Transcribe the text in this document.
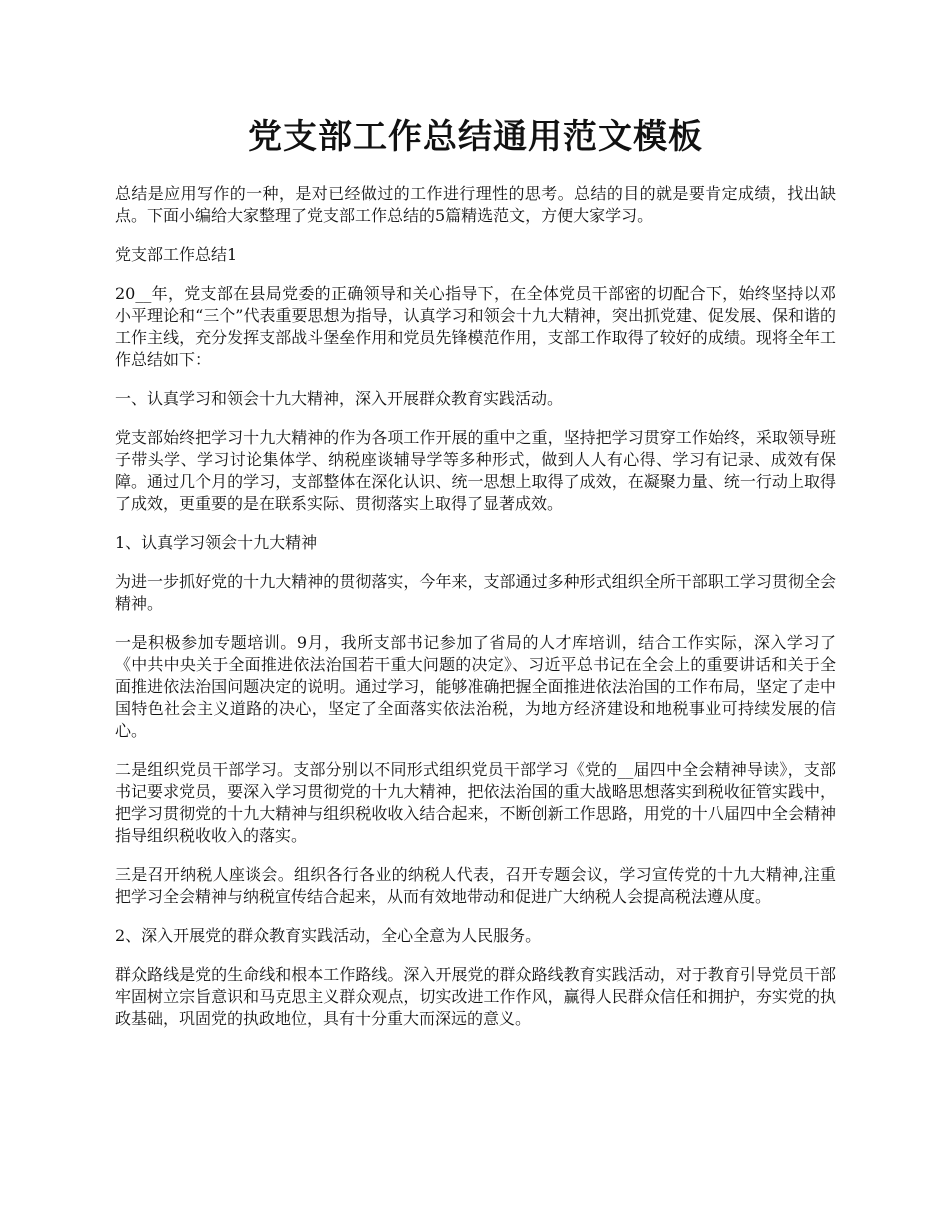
党支部工作总结通用范文模板

总结是应用写作的一种，是对已经做过的工作进行理性的思考。总结的目的就是要肯定成绩，找出缺点。下面小编给大家整理了党支部工作总结的5篇精选范文，方便大家学习。

党支部工作总结1

20__年，党支部在县局党委的正确领导和关心指导下，在全体党员干部密的切配合下，始终坚持以邓小平理论和“三个”代表重要思想为指导，认真学习和领会十九大精神，突出抓党建、促发展、保和谐的工作主线，充分发挥支部战斗堡垒作用和党员先锋模范作用，支部工作取得了较好的成绩。现将全年工作总结如下：

一、认真学习和领会十九大精神，深入开展群众教育实践活动。

党支部始终把学习十九大精神的作为各项工作开展的重中之重，坚持把学习贯穿工作始终，采取领导班子带头学、学习讨论集体学、纳税座谈辅导学等多种形式，做到人人有心得、学习有记录、成效有保障。通过几个月的学习，支部整体在深化认识、统一思想上取得了成效，在凝聚力量、统一行动上取得了成效，更重要的是在联系实际、贯彻落实上取得了显著成效。

1、认真学习领会十九大精神

为进一步抓好党的十九大精神的贯彻落实，今年来，支部通过多种形式组织全所干部职工学习贯彻全会精神。

一是积极参加专题培训。9月，我所支部书记参加了省局的人才库培训，结合工作实际，深入学习了《中共中央关于全面推进依法治国若干重大问题的决定》、习近平总书记在全会上的重要讲话和关于全面推进依法治国问题决定的说明。通过学习，能够准确把握全面推进依法治国的工作布局，坚定了走中国特色社会主义道路的决心，坚定了全面落实依法治税，为地方经济建设和地税事业可持续发展的信心。

二是组织党员干部学习。支部分别以不同形式组织党员干部学习《党的__届四中全会精神导读》，支部书记要求党员，要深入学习贯彻党的十九大精神，把依法治国的重大战略思想落实到税收征管实践中，把学习贯彻党的十九大精神与组织税收收入结合起来，不断创新工作思路，用党的十八届四中全会精神指导组织税收收入的落实。

三是召开纳税人座谈会。组织各行各业的纳税人代表，召开专题会议，学习宣传党的十九大精神,注重把学习全会精神与纳税宣传结合起来，从而有效地带动和促进广大纳税人会提高税法遵从度。

2、深入开展党的群众教育实践活动，全心全意为人民服务。

群众路线是党的生命线和根本工作路线。深入开展党的群众路线教育实践活动，对于教育引导党员干部牢固树立宗旨意识和马克思主义群众观点，切实改进工作作风，赢得人民群众信任和拥护，夯实党的执政基础，巩固党的执政地位，具有十分重大而深远的意义。
